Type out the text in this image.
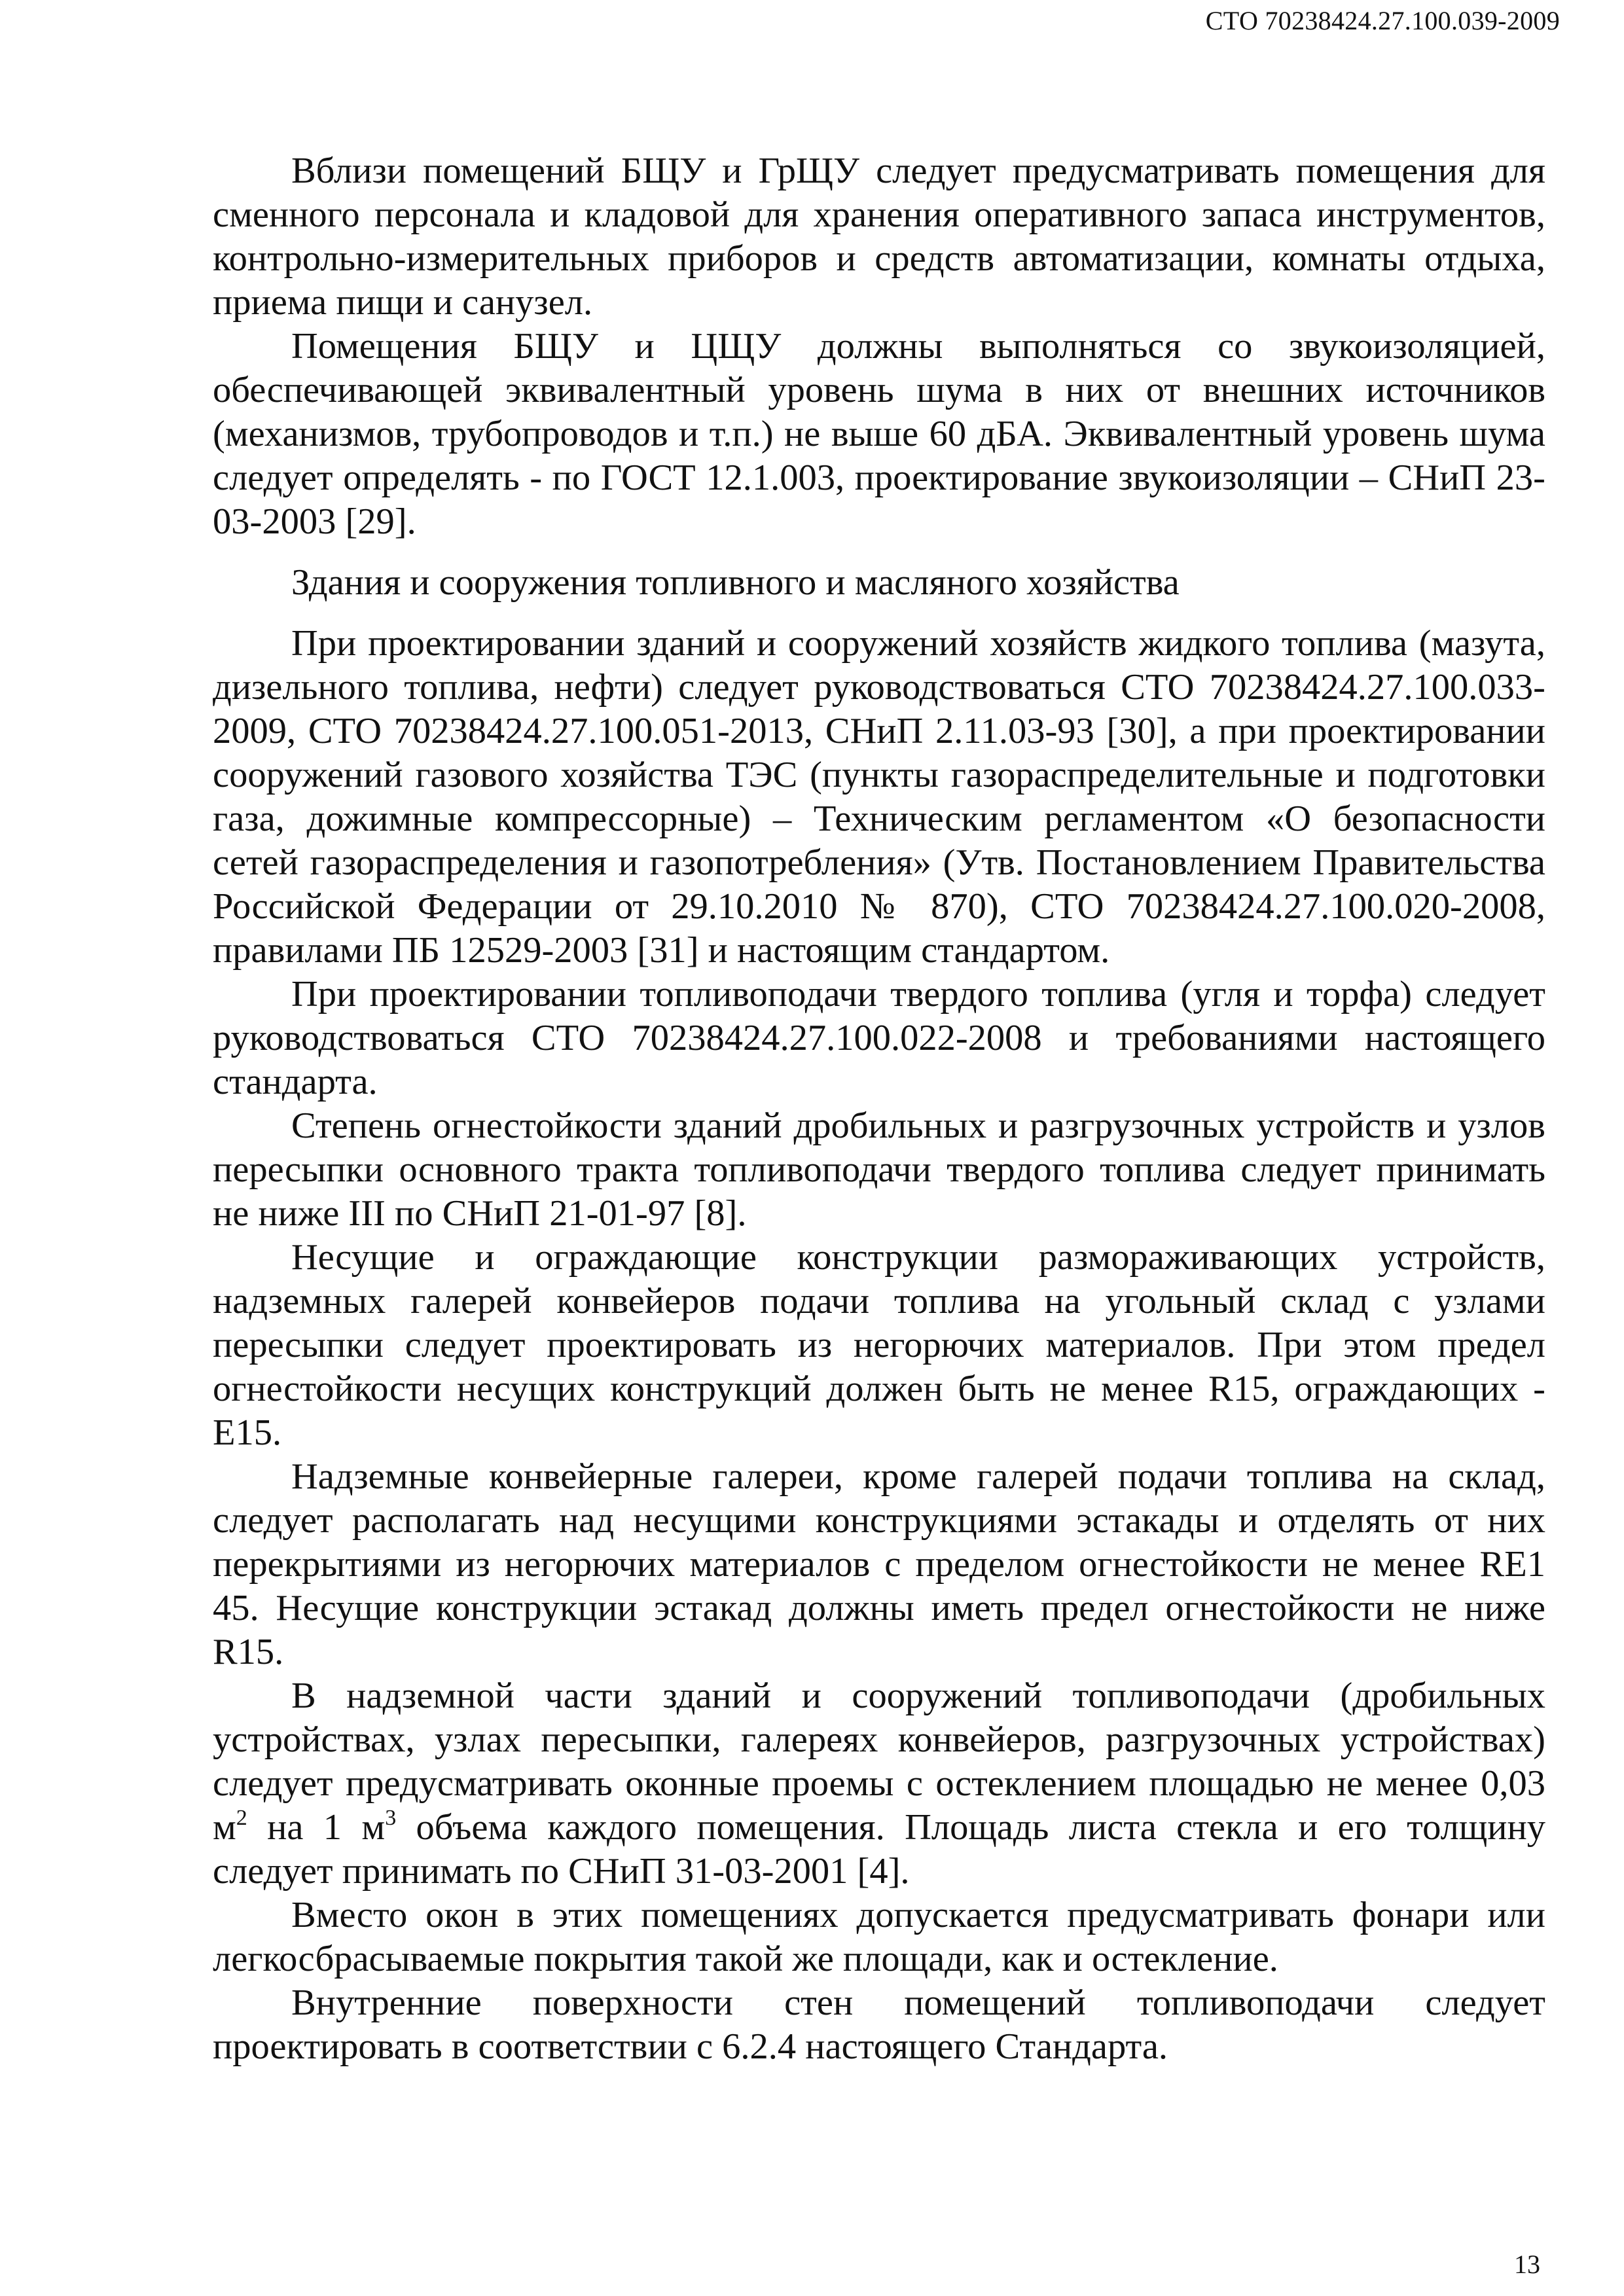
СТО 70238424.27.100.039-2009

Вблизи помещений БЩУ и ГрЩУ следует предусматривать помещения для сменного персонала и кладовой для хранения оперативного запаса инструментов, контрольно-измерительных приборов и средств автоматизации, комнаты отдыха, приема пищи и санузел.

Помещения БЩУ и ЦЩУ должны выполняться со звукоизоляцией, обеспечивающей эквивалентный уровень шума в них от внешних источников (механизмов, трубопроводов и т.п.) не выше 60 дБА. Эквивалентный уровень шума следует определять - по ГОСТ 12.1.003, проектирование звукоизоляции – СНиП 23-03-2003 [29].

Здания и сооружения топливного и масляного хозяйства

При проектировании зданий и сооружений хозяйств жидкого топлива (мазута, дизельного топлива, нефти) следует руководствоваться СТО 70238424.27.100.033-2009, СТО 70238424.27.100.051-2013, СНиП 2.11.03-93 [30], а при проектировании сооружений газового хозяйства ТЭС (пункты газораспределительные и подготовки газа, дожимные компрессорные) – Техническим регламентом «О безопасности сетей газораспределения и газопотребления» (Утв. Постановлением Правительства Российской Федерации от 29.10.2010 № 870), СТО 70238424.27.100.020-2008, правилами ПБ 12529-2003 [31] и настоящим стандартом.

При проектировании топливоподачи твердого топлива (угля и торфа) следует руководствоваться СТО 70238424.27.100.022-2008 и требованиями настоящего стандарта.

Степень огнестойкости зданий дробильных и разгрузочных устройств и узлов пересыпки основного тракта топливоподачи твердого топлива следует принимать не ниже III по СНиП 21-01-97 [8].

Несущие и ограждающие конструкции размораживающих устройств, надземных галерей конвейеров подачи топлива на угольный склад с узлами пересыпки следует проектировать из негорючих материалов. При этом предел огнестойкости несущих конструкций должен быть не менее R15, ограждающих - E15.

Надземные конвейерные галереи, кроме галерей подачи топлива на склад, следует располагать над несущими конструкциями эстакады и отделять от них перекрытиями из негорючих материалов с пределом огнестойкости не менее RE1 45. Несущие конструкции эстакад должны иметь предел огнестойкости не ниже R15.

В надземной части зданий и сооружений топливоподачи (дробильных устройствах, узлах пересыпки, галереях конвейеров, разгрузочных устройствах) следует предусматривать оконные проемы с остеклением площадью не менее 0,03 $м^2$ на 1 $м^3$ объема каждого помещения. Площадь листа стекла и его толщину следует принимать по СНиП 31-03-2001 [4].

Вместо окон в этих помещениях допускается предусматривать фонари или легкосбрасываемые покрытия такой же площади, как и остекление.

Внутренние поверхности стен помещений топливоподачи следует проектировать в соответствии с 6.2.4 настоящего Стандарта.

13
